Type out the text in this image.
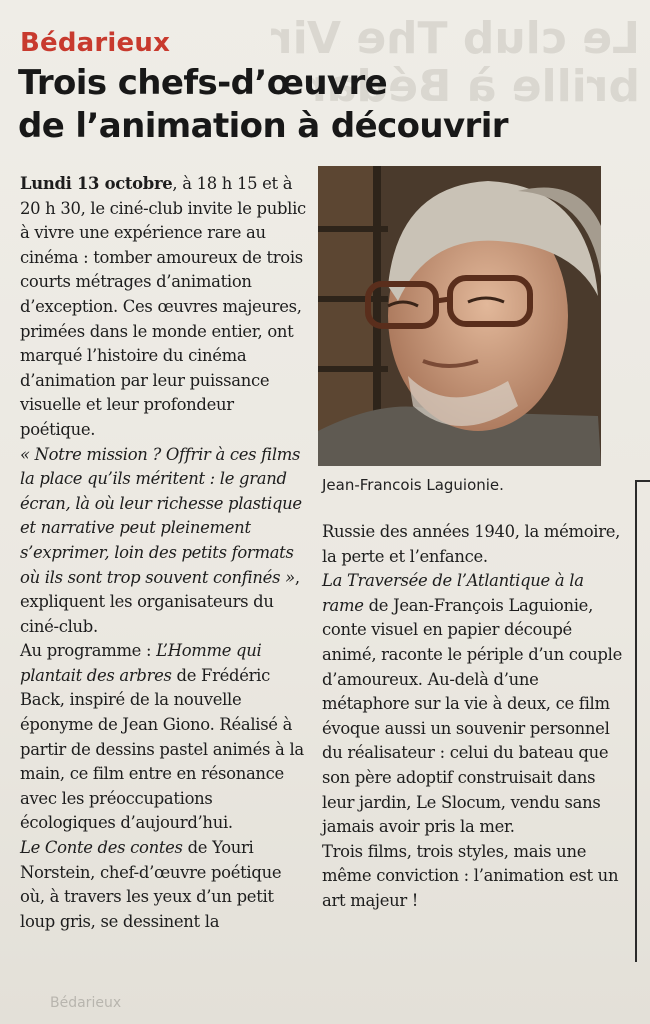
Le club The Vir
brille à Bédar
Bédarieux
Trois chefs-d’œuvre
de l’animation à découvrir

Lundi 13 octobre, à 18 h 15 et à 20 h 30, le ciné-club invite le public à vivre une expérience rare au cinéma : tomber amoureux de trois courts métrages d’animation d’exception. Ces œuvres majeures, primées dans le monde entier, ont marqué l’histoire du cinéma d’animation par leur puissance visuelle et leur profondeur poétique.

« Notre mission ? Offrir à ces films la place qu’ils méritent : le grand écran, là où leur richesse plastique et narrative peut pleinement s’exprimer, loin des petits formats où ils sont trop souvent confinés », expliquent les organisateurs du ciné-club.

Au programme : L’Homme qui plantait des arbres de Frédéric Back, inspiré de la nouvelle éponyme de Jean Giono. Réalisé à partir de dessins pastel animés à la main, ce film entre en résonance avec les préoccupations écologiques d’aujourd’hui.

Le Conte des contes de Youri Norstein, chef-d’œuvre poétique où, à travers les yeux d’un petit loup gris, se dessinent la

Jean-Francois Laguionie.

Russie des années 1940, la mémoire, la perte et l’enfance.

La Traversée de l’Atlantique à la rame de Jean-François Laguionie, conte visuel en papier découpé animé, raconte le périple d’un couple d’amoureux. Au-delà d’une métaphore sur la vie à deux, ce film évoque aussi un souvenir personnel du réalisateur : celui du bateau que son père adoptif construisait dans leur jardin, Le Slocum, vendu sans jamais avoir pris la mer.

Trois films, trois styles, mais une même conviction : l’animation est un art majeur !

Bédarieux
